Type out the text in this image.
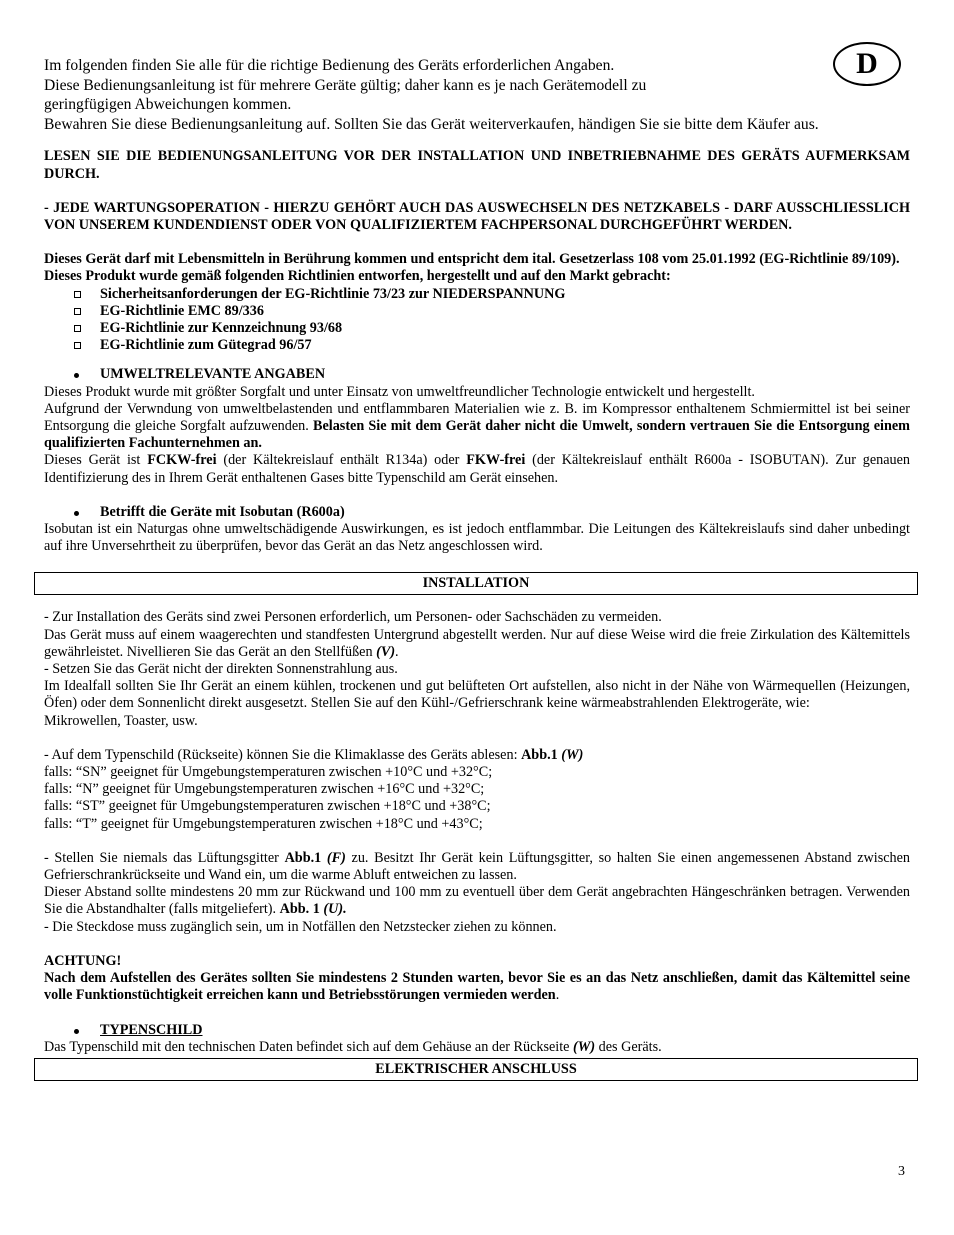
D
Im folgenden finden Sie alle für die richtige Bedienung des Geräts erforderlichen Angaben.
Diese Bedienungsanleitung ist für mehrere Geräte gültig; daher kann es je nach Gerätemodell zu geringfügigen Abweichungen kommen.
Bewahren Sie diese Bedienungsanleitung auf. Sollten Sie das Gerät weiterverkaufen, händigen Sie sie bitte dem Käufer aus.

LESEN SIE DIE BEDIENUNGSANLEITUNG VOR DER INSTALLATION UND INBETRIEBNAHME DES GERÄTS AUFMERKSAM DURCH.

- JEDE WARTUNGSOPERATION - HIERZU GEHÖRT AUCH DAS AUSWECHSELN DES NETZKABELS - DARF AUSSCHLIESSLICH VON UNSEREM KUNDENDIENST ODER VON QUALIFIZIERTEM FACHPERSONAL DURCHGEFÜHRT WERDEN.

Dieses Gerät darf mit Lebensmitteln in Berührung kommen und entspricht dem ital. Gesetzerlass 108 vom 25.01.1992 (EG-Richtlinie 89/109).

Dieses Produkt wurde gemäß folgenden Richtlinien entworfen, hergestellt und auf den Markt gebracht:

Sicherheitsanforderungen der EG-Richtlinie 73/23 zur NIEDERSPANNUNG
EG-Richtlinie EMC 89/336
EG-Richtlinie zur Kennzeichnung 93/68
EG-Richtlinie zum Gütegrad 96/57
UMWELTRELEVANTE ANGABEN

Dieses Produkt wurde mit größter Sorgfalt und unter Einsatz von umweltfreundlicher Technologie entwickelt und hergestellt.

Aufgrund der Verwndung von umweltbelastenden und entflammbaren Materialien wie z. B. im Kompressor enthaltenem Schmiermittel ist bei seiner Entsorgung die gleiche Sorgfalt aufzuwenden. Belasten Sie mit dem Gerät daher nicht die Umwelt, sondern vertrauen Sie die Entsorgung einem qualifizierten Fachunternehmen an.

Dieses Gerät ist FCKW-frei (der Kältekreislauf enthält R134a) oder FKW-frei (der Kältekreislauf enthält R600a - ISOBUTAN). Zur genauen Identifizierung des in Ihrem Gerät enthaltenen Gases bitte Typenschild am Gerät einsehen.

Betrifft die Geräte mit Isobutan (R600a)

Isobutan ist ein Naturgas ohne umweltschädigende Auswirkungen, es ist jedoch entflammbar. Die Leitungen des Kältekreislaufs sind daher unbedingt auf ihre Unversehrtheit zu überprüfen, bevor das Gerät an das Netz angeschlossen wird.

INSTALLATION

- Zur Installation des Geräts sind zwei Personen erforderlich, um Personen- oder Sachschäden zu vermeiden.

Das Gerät muss auf einem waagerechten und standfesten Untergrund abgestellt werden. Nur auf diese Weise wird die freie Zirkulation des Kältemittels gewährleistet. Nivellieren Sie das Gerät an den Stellfüßen (V).

- Setzen Sie das Gerät nicht der direkten Sonnenstrahlung aus.

Im Idealfall sollten Sie Ihr Gerät an einem kühlen, trockenen und gut belüfteten Ort aufstellen, also nicht in der Nähe von Wärmequellen (Heizungen, Öfen) oder dem Sonnenlicht direkt ausgesetzt. Stellen Sie auf den Kühl-/Gefrierschrank keine wärmeabstrahlenden Elektrogeräte, wie:

Mikrowellen, Toaster, usw.

- Auf dem Typenschild (Rückseite) können Sie die Klimaklasse des Geräts ablesen: Abb.1 (W)

falls: “SN” geeignet für Umgebungstemperaturen zwischen +10°C und +32°C;

falls: “N” geeignet für Umgebungstemperaturen zwischen +16°C und +32°C;

falls: “ST” geeignet für Umgebungstemperaturen zwischen +18°C und +38°C;

falls: “T” geeignet für Umgebungstemperaturen zwischen +18°C und +43°C;

- Stellen Sie niemals das Lüftungsgitter Abb.1 (F) zu. Besitzt Ihr Gerät kein Lüftungsgitter, so halten Sie einen angemessenen Abstand zwischen Gefrierschrankrückseite und Wand ein, um die warme Abluft entweichen zu lassen.

Dieser Abstand sollte mindestens 20 mm zur Rückwand und 100 mm zu eventuell über dem Gerät angebrachten Hängeschränken betragen. Verwenden Sie die Abstandhalter (falls mitgeliefert). Abb. 1 (U).

- Die Steckdose muss zugänglich sein, um in Notfällen den Netzstecker ziehen zu können.

ACHTUNG!

Nach dem Aufstellen des Gerätes sollten Sie mindestens 2 Stunden warten, bevor Sie es an das Netz anschließen, damit das Kältemittel seine volle Funktionstüchtigkeit erreichen kann und Betriebsstörungen vermieden werden.

TYPENSCHILD

Das Typenschild mit den technischen Daten befindet sich auf dem Gehäuse an der Rückseite (W) des Geräts.

ELEKTRISCHER ANSCHLUSS
3
